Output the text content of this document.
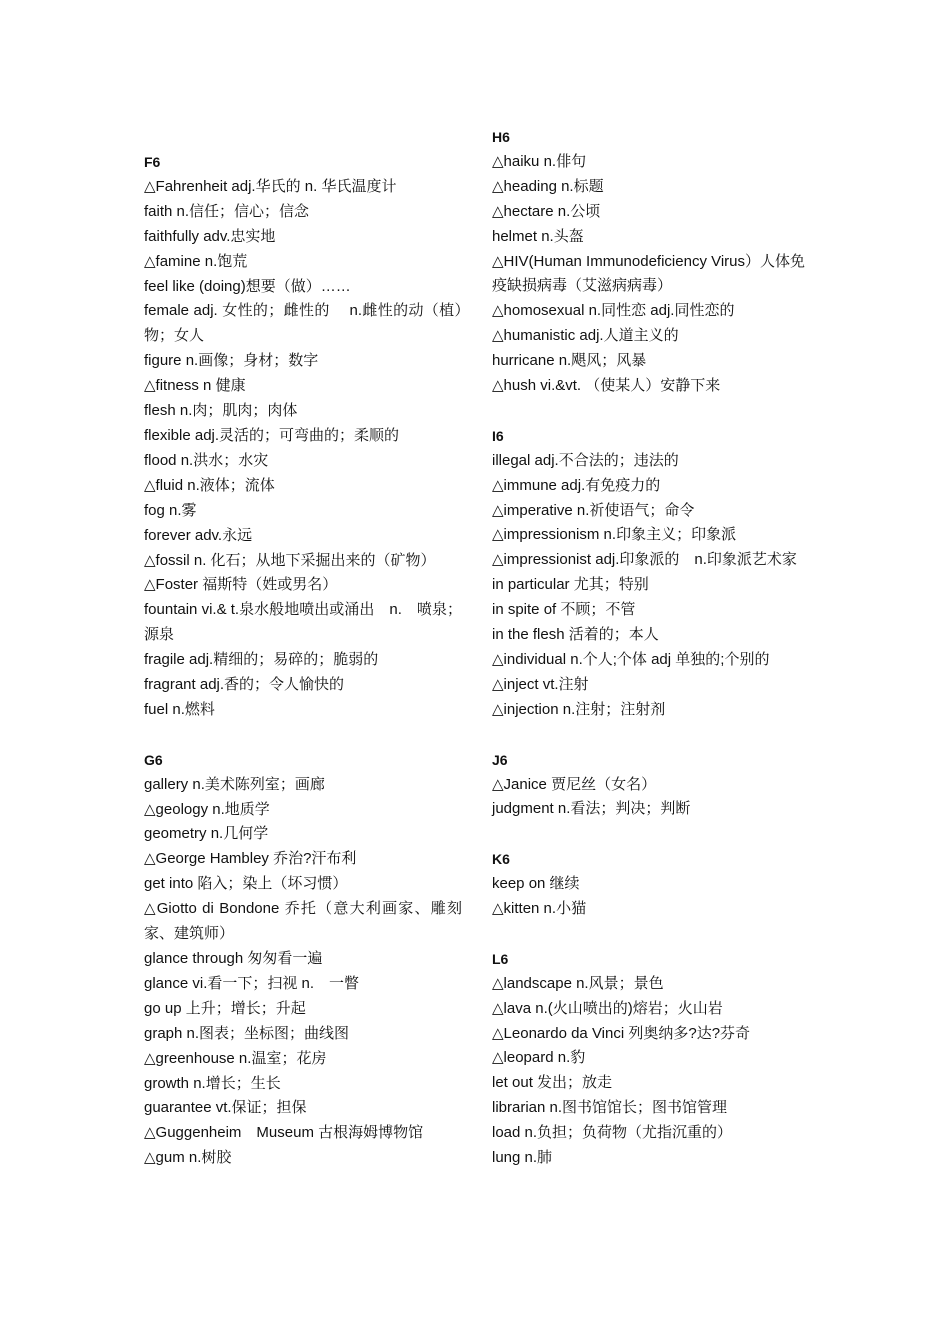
F6
△Fahrenheit adj.华氏的 n. 华氏温度计
faith n.信任；信心；信念
faithfully adv.忠实地
△famine n.饱荒
feel like (doing)想要（做）……
female adj. 女性的；雌性的　 n.雌性的动（植）物；女人
figure n.画像；身材；数字
△fitness n 健康
flesh n.肉；肌肉；肉体
flexible adj.灵活的；可弯曲的；柔顺的
flood n.洪水；水灾
△fluid n.液体；流体
fog n.雾
forever adv.永远
△fossil n. 化石；从地下采掘出来的（矿物）
△Foster 福斯特（姓或男名）
fountain vi.& t.泉水般地喷出或涌出　n.　喷泉；源泉
fragile adj.精细的；易碎的；脆弱的
fragrant adj.香的；令人愉快的
fuel n.燃料
G6
gallery n.美术陈列室；画廊
△geology n.地质学
geometry n.几何学
△George Hambley 乔治?汗布利
get into 陷入；染上（坏习惯）
△Giotto di Bondone 乔托（意大利画家、雕刻家、建筑师）
glance through 匆匆看一遍
glance vi.看一下；扫视 n.　一瞥
go up 上升；增长；升起
graph n.图表；坐标图；曲线图
△greenhouse n.温室；花房
growth n.增长；生长
guarantee vt.保证；担保
△Guggenheim　Museum 古根海姆博物馆
△gum n.树胶
H6
△haiku n.俳句
△heading n.标题
△hectare n.公顷
helmet n.头盔
△HIV(Human Immunodeficiency Virus）人体免疫缺损病毒（艾滋病病毒）
△homosexual n.同性恋 adj.同性恋的
△humanistic adj.人道主义的
hurricane n.飓风；风暴
△hush vi.&vt. （使某人）安静下来
I6
illegal adj.不合法的；违法的
△immune adj.有免疫力的
△imperative n.祈使语气；命令
△impressionism n.印象主义；印象派
△impressionist adj.印象派的　n.印象派艺术家
in particular 尤其；特别
in spite of 不顾；不管
in the flesh 活着的；本人
△individual n.个人;个体 adj 单独的;个别的
△inject vt.注射
△injection n.注射；注射剂
J6
△Janice 贾尼丝（女名）
judgment n.看法；判决；判断
K6
keep on 继续
△kitten n.小猫
L6
△landscape n.风景；景色
△lava n.(火山喷出的)熔岩；火山岩
△Leonardo da Vinci 列奥纳多?达?芬奇
△leopard n.豹
let out 发出；放走
librarian n.图书馆馆长；图书馆管理
load n.负担；负荷物（尤指沉重的）
lung n.肺
